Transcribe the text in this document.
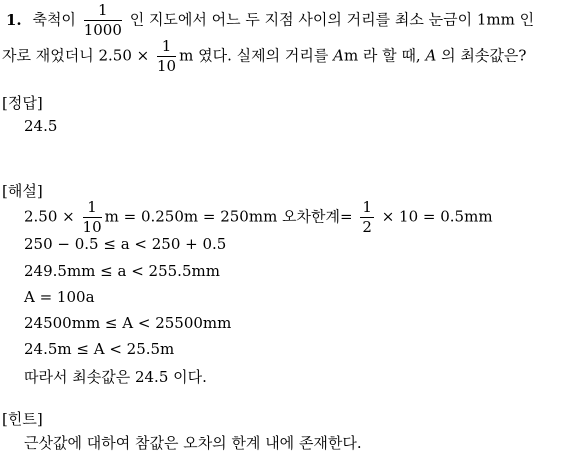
1. 축척이 $\frac{1}{1000}$ 인 지도에서 어느 두 지점 사이의 거리를 최소 눈금이 1mm 인
자로 재었더니 $2.50 \times \frac{1}{10}$ m 였다. 실제의 거리를 Am 라 할 때, A 의 최솟값은?
[정답]
24.5
[해설]
$2.50 \times \frac{1}{10}$ m = 0.250m = 250mm 오차한계= $\frac{1}{2} \times 10 = 0.5mm$
250 − 0.5 ≤ a < 250 + 0.5
249.5mm ≤ a < 255.5mm
A = 100a
24500mm ≤ A < 25500mm
24.5m ≤ A < 25.5m
따라서 최솟값은 24.5 이다.
[힌트]
근삿값에 대하여 참값은 오차의 한계 내에 존재한다.
